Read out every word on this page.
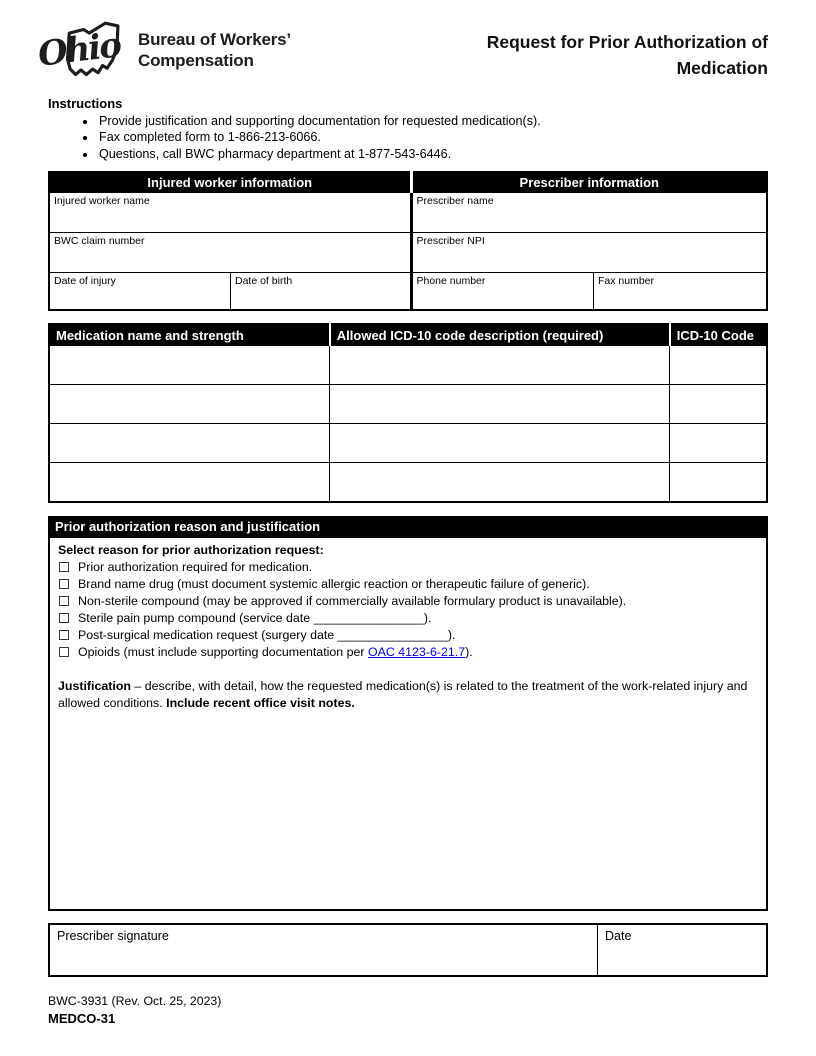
Ohio Bureau of Workers’
Compensation
Request for Prior Authorization of
Medication
Instructions
• Provide justification and supporting documentation for requested medication(s).
• Fax completed form to 1-866-213-6066.
• Questions, call BWC pharmacy department at 1-877-543-6446.
Injured worker information		Prescriber information	
Injured worker name		Prescriber name	
BWC claim number		Prescriber NPI	
Date of injury	Date of birth	Phone number	Fax number
Medication name and strength	Allowed ICD-10 code description (required)	ICD-10 Code

Prior authorization reason and justification
Select reason for prior authorization request:
Prior authorization required for medication.
Brand name drug (must document systemic allergic reaction or therapeutic failure of generic).
Non-sterile compound (may be approved if commercially available formulary product is unavailable).
Sterile pain pump compound (service date ________________).
Post-surgical medication request (surgery date ________________).
Opioids (must include supporting documentation per OAC 4123-6-21.7).
Justification – describe, with detail, how the requested medication(s) is related to the treatment of the work-related injury and allowed conditions. Include recent office visit notes.
Prescriber signature	Date
BWC-3931 (Rev. Oct. 25, 2023)
MEDCO-31
